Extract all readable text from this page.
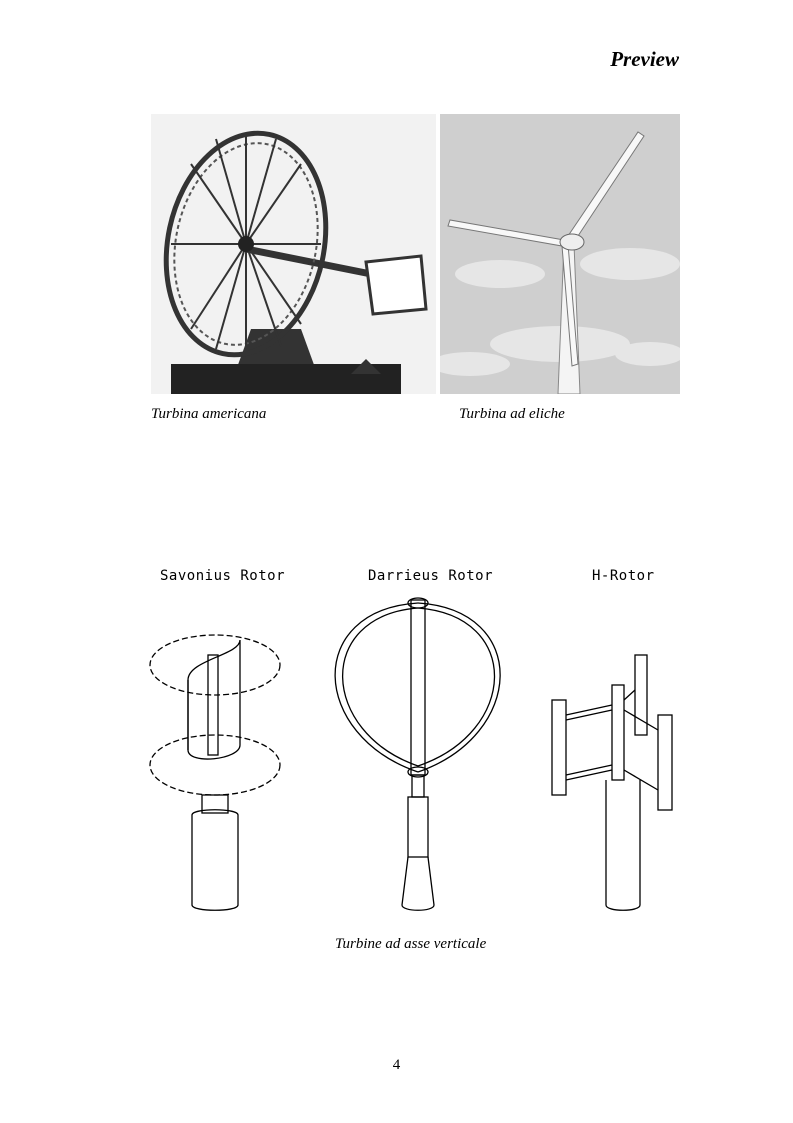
Preview
Turbina americana	Turbina ad eliche
Savonius Rotor	Darrieus Rotor	H-Rotor
Turbine ad asse verticale
4
